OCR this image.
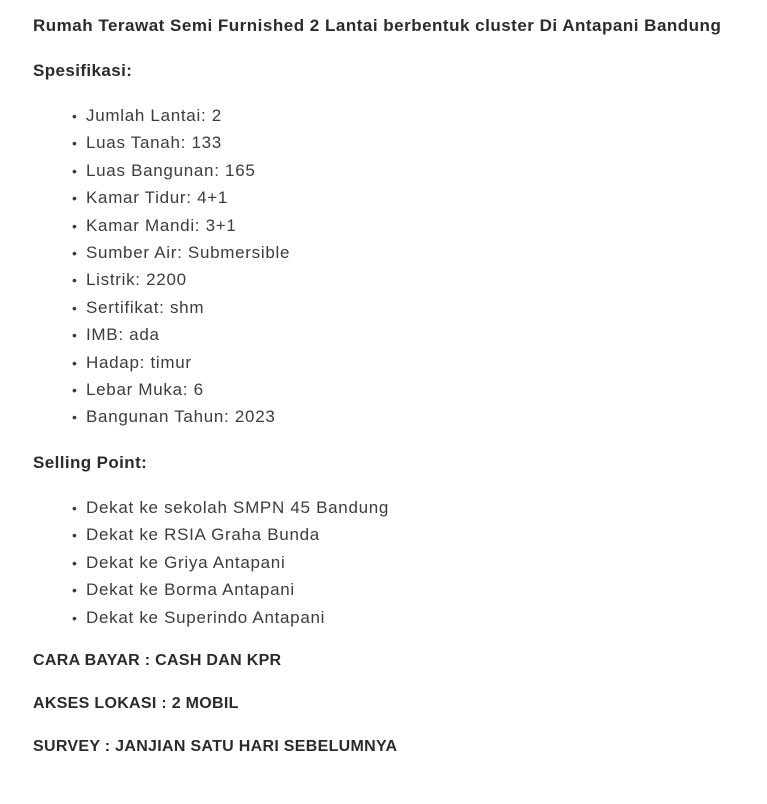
Rumah Terawat Semi Furnished 2 Lantai berbentuk cluster Di Antapani Bandung
Spesifikasi:
•
Jumlah Lantai: 2
•
Luas Tanah: 133
•
Luas Bangunan: 165
•
Kamar Tidur: 4+1
•
Kamar Mandi: 3+1
•
Sumber Air: Submersible
•
Listrik: 2200
•
Sertifikat: shm
•
IMB: ada
•
Hadap: timur
•
Lebar Muka: 6
•
Bangunan Tahun: 2023
Selling Point:
•
Dekat ke sekolah SMPN 45 Bandung
•
Dekat ke RSIA Graha Bunda
•
Dekat ke Griya Antapani
•
Dekat ke Borma Antapani
•
Dekat ke Superindo Antapani

CARA BAYAR : CASH DAN KPR

AKSES LOKASI : 2 MOBIL

SURVEY : JANJIAN SATU HARI SEBELUMNYA
